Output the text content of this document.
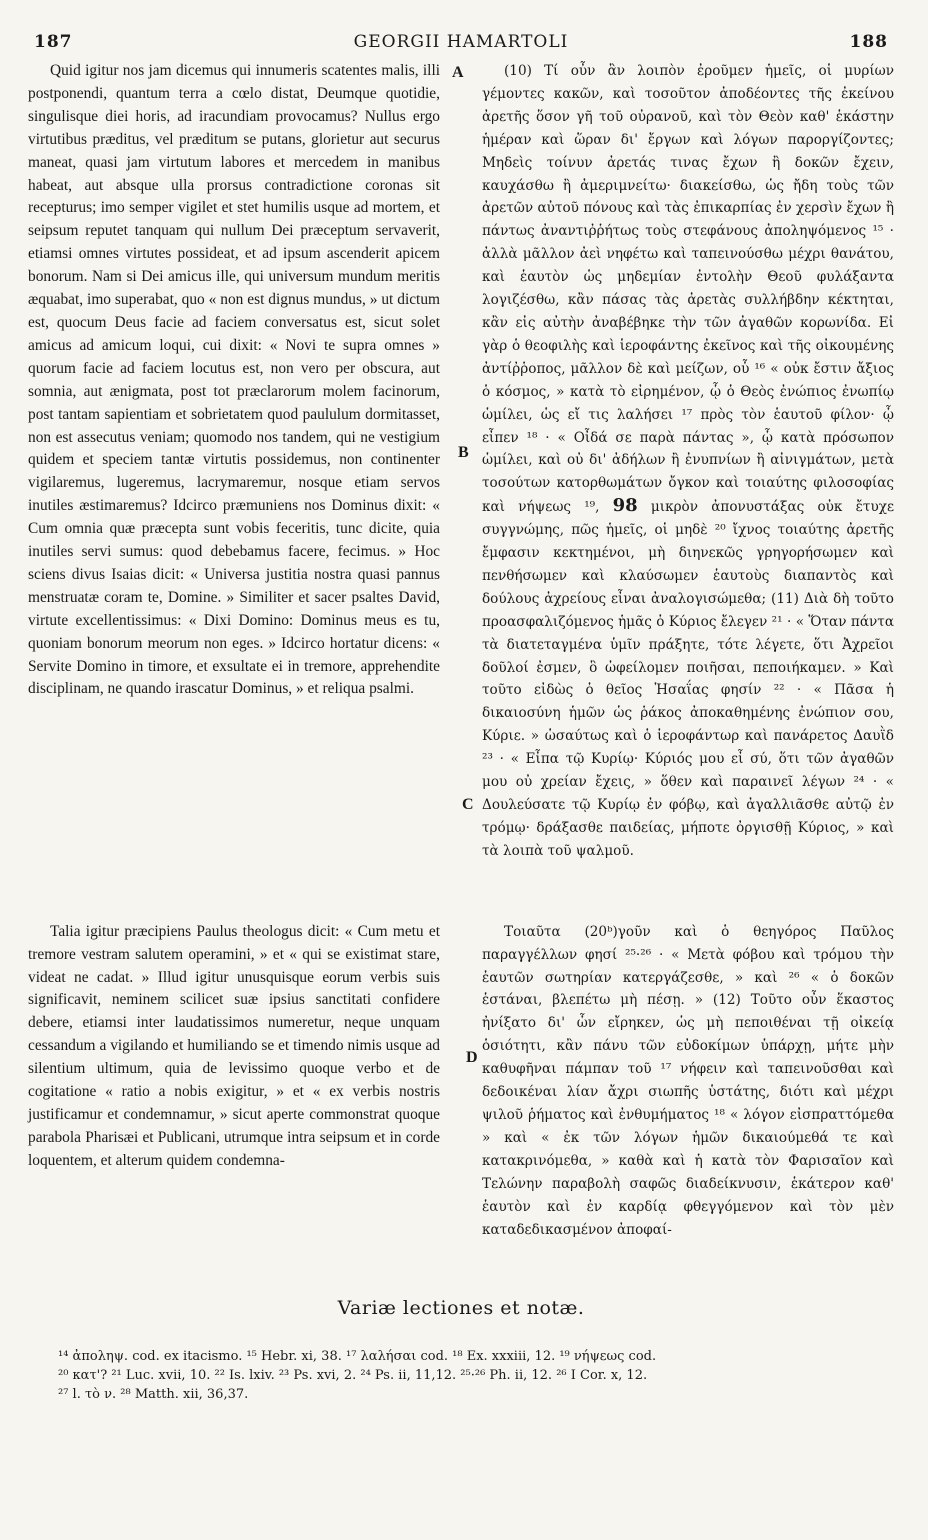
187	GEORGII HAMARTOLI	188

Quid igitur nos jam dicemus qui innumeris scatentes malis, illi postponendi, quantum terra a cœlo distat, Deumque quotidie, singulisque diei horis, ad iracundiam provocamus? Nullus ergo virtutibus præditus, vel præditum se putans, glorietur aut securus maneat, quasi jam virtutum labores et mercedem in manibus habeat, aut absque ulla prorsus contradictione coronas sit recepturus; imo semper vigilet et stet humilis usque ad mortem, et seipsum reputet tanquam qui nullum Dei præceptum servaverit, etiamsi omnes virtutes possideat, et ad ipsum ascenderit apicem bonorum. Nam si Dei amicus ille, qui universum mundum meritis æquabat, imo superabat, quo « non est dignus mundus, » ut dictum est, quocum Deus facie ad faciem conversatus est, sicut solet amicus ad amicum loqui, cui dixit: « Novi te supra omnes » quorum facie ad faciem locutus est, non vero per obscura, aut somnia, aut ænigmata, post tot præclarorum molem facinorum, post tantam sapientiam et sobrietatem quod paululum dormitasset, non est assecutus veniam; quomodo nos tandem, qui ne vestigium quidem et speciem tantæ virtutis possidemus, non continenter vigilaremus, lugeremus, lacrymaremur, nosque etiam servos inutiles æstimaremus? Idcirco præmuniens nos Dominus dixit: « Cum omnia quæ præcepta sunt vobis feceritis, tunc dicite, quia inutiles servi sumus: quod debebamus facere, fecimus. » Hoc sciens divus Isaias dicit: « Universa justitia nostra quasi pannus menstruatæ coram te, Domine. » Similiter et sacer psaltes David, virtute excellentissimus: « Dixi Domino: Dominus meus es tu, quoniam bonorum meorum non eges. » Idcirco hortatur dicens: « Servite Domino in timore, et exsultate ei in tremore, apprehendite disciplinam, ne quando irascatur Dominus, » et reliqua psalmi.

(10) Τί οὖν ἂν λοιπὸν ἐροῦμεν ἡμεῖς, οἱ μυρίων γέμοντες κακῶν, καὶ τοσοῦτον ἀποδέοντες τῆς ἐκείνου ἀρετῆς ὅσον γῆ τοῦ οὐρανοῦ, καὶ τὸν Θεὸν καθ' ἑκάστην ἡμέραν καὶ ὥραν δι' ἔργων καὶ λόγων παροργίζοντες; Μηδεὶς τοίνυν ἀρετάς τινας ἔχων ἢ δοκῶν ἔχειν, καυχάσθω ἢ ἀμεριμνείτω· διακείσθω, ὡς ἤδη τοὺς τῶν ἀρετῶν αὐτοῦ πόνους καὶ τὰς ἐπικαρπίας ἐν χερσὶν ἔχων ἢ πάντως ἀναντιῤῥήτως τοὺς στεφάνους ἀποληψόμενος ¹⁵ · ἀλλὰ μᾶλλον ἀεὶ νηφέτω καὶ ταπεινούσθω μέχρι θανάτου, καὶ ἑαυτὸν ὡς μηδεμίαν ἐντολὴν Θεοῦ φυλάξαντα λογιζέσθω, κἂν πάσας τὰς ἀρετὰς συλλήβδην κέκτηται, κἂν εἰς αὐτὴν ἀναβέβηκε τὴν τῶν ἀγαθῶν κορωνίδα. Εἰ γὰρ ὁ θεοφιλὴς καὶ ἱεροφάντης ἐκεῖνος καὶ τῆς οἰκουμένης ἀντίῤῥοπος, μᾶλλον δὲ καὶ μείζων, οὗ ¹⁶ « οὐκ ἔστιν ἄξιος ὁ κόσμος, » κατὰ τὸ εἰρημένον, ᾧ ὁ Θεὸς ἐνώπιος ἐνωπίῳ ὡμίλει, ὡς εἴ τις λαλήσει ¹⁷ πρὸς τὸν ἑαυτοῦ φίλον· ᾧ εἶπεν ¹⁸ · « Οἶδά σε παρὰ πάντας », ᾧ κατὰ πρόσωπον ὡμίλει, καὶ οὐ δι' ἀδήλων ἢ ἐνυπνίων ἢ αἰνιγμάτων, μετὰ τοσούτων κατορθωμάτων ὄγκον καὶ τοιαύτης φιλοσοφίας καὶ νήψεως ¹⁹, 98 μικρὸν ἀπονυστάξας οὐκ ἔτυχε συγγνώμης, πῶς ἡμεῖς, οἱ μηδὲ ²⁰ ἴχνος τοιαύτης ἀρετῆς ἔμφασιν κεκτημένοι, μὴ διηνεκῶς γρηγορήσωμεν καὶ πενθήσωμεν καὶ κλαύσωμεν ἑαυτοὺς διαπαντὸς καὶ δούλους ἀχρείους εἶναι ἀναλογισώμεθα; (11) Διὰ δὴ τοῦτο προασφαλιζόμενος ἡμᾶς ὁ Κύριος ἔλεγεν ²¹ · « Ὅταν πάντα τὰ διατεταγμένα ὑμῖν πράξητε, τότε λέγετε, ὅτι Ἀχρεῖοι δοῦλοί ἐσμεν, ὃ ὠφείλομεν ποιῆσαι, πεποιήκαμεν. » Καὶ τοῦτο εἰδὼς ὁ θεῖος Ἡσαΐας φησίν ²² · « Πᾶσα ἡ δικαιοσύνη ἡμῶν ὡς ῥάκος ἀποκαθημένης ἐνώπιον σου, Κύριε. » ὡσαύτως καὶ ὁ ἱεροφάντωρ καὶ πανάρετος Δαυῒδ ²³ · « Εἶπα τῷ Κυρίῳ· Κύριός μου εἶ σύ, ὅτι τῶν ἀγαθῶν μου οὐ χρείαν ἔχεις, » ὅθεν καὶ παραινεῖ λέγων ²⁴ · « Δουλεύσατε τῷ Κυρίῳ ἐν φόβῳ, καὶ ἀγαλλιᾶσθε αὐτῷ ἐν τρόμῳ· δράξασθε παιδείας, μήποτε ὀργισθῇ Κύριος, » καὶ τὰ λοιπὰ τοῦ ψαλμοῦ.

A
B
C

Talia igitur præcipiens Paulus theologus dicit: « Cum metu et tremore vestram salutem operamini, » et « qui se existimat stare, videat ne cadat. » Illud igitur unusquisque eorum verbis suis significavit, neminem scilicet suæ ipsius sanctitati confidere debere, etiamsi inter laudatissimos numeretur, neque unquam cessandum a vigilando et humiliando se et timendo nimis usque ad silentium ultimum, quia de levissimo quoque verbo et de cogitatione « ratio a nobis exigitur, » et « ex verbis nostris justificamur et condemnamur, » sicut aperte commonstrat quoque parabola Pharisæi et Publicani, utrumque intra seipsum et in corde loquentem, et alterum quidem condemna-

Τοιαῦτα (20ᵇ)γοῦν καὶ ὁ θεηγόρος Παῦλος παραγγέλλων φησί ²⁵·²⁶ · « Μετὰ φόβου καὶ τρόμου τὴν ἑαυτῶν σωτηρίαν κατεργάζεσθε, » καὶ ²⁶ « ὁ δοκῶν ἑστάναι, βλεπέτω μὴ πέσῃ. » (12) Τοῦτο οὖν ἕκαστος ἠνίξατο δι' ὧν εἴρηκεν, ὡς μὴ πεποιθέναι τῇ οἰκείᾳ ὁσιότητι, κἂν πάνυ τῶν εὐδοκίμων ὑπάρχῃ, μήτε μὴν καθυφῆναι πάμπαν τοῦ ¹⁷ νήφειν καὶ ταπεινοῦσθαι καὶ δεδοικέναι λίαν ἄχρι σιωπῆς ὑστάτης, διότι καὶ μέχρι ψιλοῦ ῥήματος καὶ ἐνθυμήματος ¹⁸ « λόγον εἰσπραττόμεθα » καὶ « ἐκ τῶν λόγων ἡμῶν δικαιούμεθά τε καὶ κατακρινόμεθα, » καθὰ καὶ ἡ κατὰ τὸν Φαρισαῖον καὶ Τελώνην παραβολὴ σαφῶς διαδείκνυσιν, ἑκάτερον καθ' ἑαυτὸν καὶ ἐν καρδίᾳ φθεγγόμενον καὶ τὸν μὲν καταδεδικασμένον ἀποφαί-

D
Variæ lectiones et notæ.

¹⁴ ἀποληψ. cod. ex itacismo. ¹⁵ Hebr. xi, 38. ¹⁷ λαλήσαι cod. ¹⁸ Ex. xxxiii, 12. ¹⁹ νήψεως cod.

²⁰ κατ'? ²¹ Luc. xvii, 10. ²² Is. lxiv. ²³ Ps. xvi, 2. ²⁴ Ps. ii, 11,12. ²⁵·²⁶ Ph. ii, 12. ²⁶ I Cor. x, 12.

²⁷ l. τὸ ν. ²⁸ Matth. xii, 36,37.
